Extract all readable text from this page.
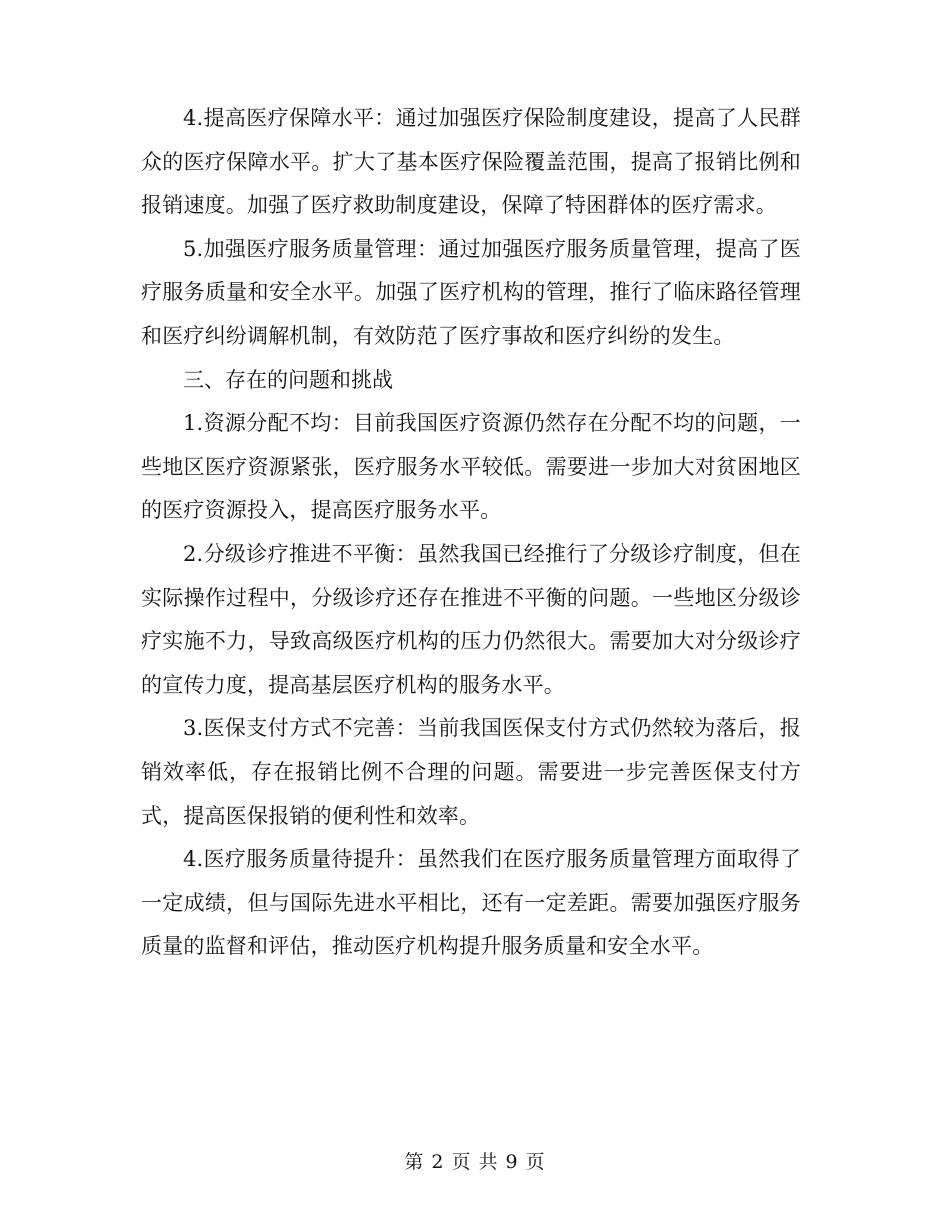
4.提高医疗保障水平：通过加强医疗保险制度建设，提高了人民群众的医疗保障水平。扩大了基本医疗保险覆盖范围，提高了报销比例和报销速度。加强了医疗救助制度建设，保障了特困群体的医疗需求。

5.加强医疗服务质量管理：通过加强医疗服务质量管理，提高了医疗服务质量和安全水平。加强了医疗机构的管理，推行了临床路径管理和医疗纠纷调解机制，有效防范了医疗事故和医疗纠纷的发生。

三、存在的问题和挑战

1.资源分配不均：目前我国医疗资源仍然存在分配不均的问题，一些地区医疗资源紧张，医疗服务水平较低。需要进一步加大对贫困地区的医疗资源投入，提高医疗服务水平。

2.分级诊疗推进不平衡：虽然我国已经推行了分级诊疗制度，但在实际操作过程中，分级诊疗还存在推进不平衡的问题。一些地区分级诊疗实施不力，导致高级医疗机构的压力仍然很大。需要加大对分级诊疗的宣传力度，提高基层医疗机构的服务水平。

3.医保支付方式不完善：当前我国医保支付方式仍然较为落后，报销效率低，存在报销比例不合理的问题。需要进一步完善医保支付方式，提高医保报销的便利性和效率。

4.医疗服务质量待提升：虽然我们在医疗服务质量管理方面取得了一定成绩，但与国际先进水平相比，还有一定差距。需要加强医疗服务质量的监督和评估，推动医疗机构提升服务质量和安全水平。

第 2 页 共 9 页
